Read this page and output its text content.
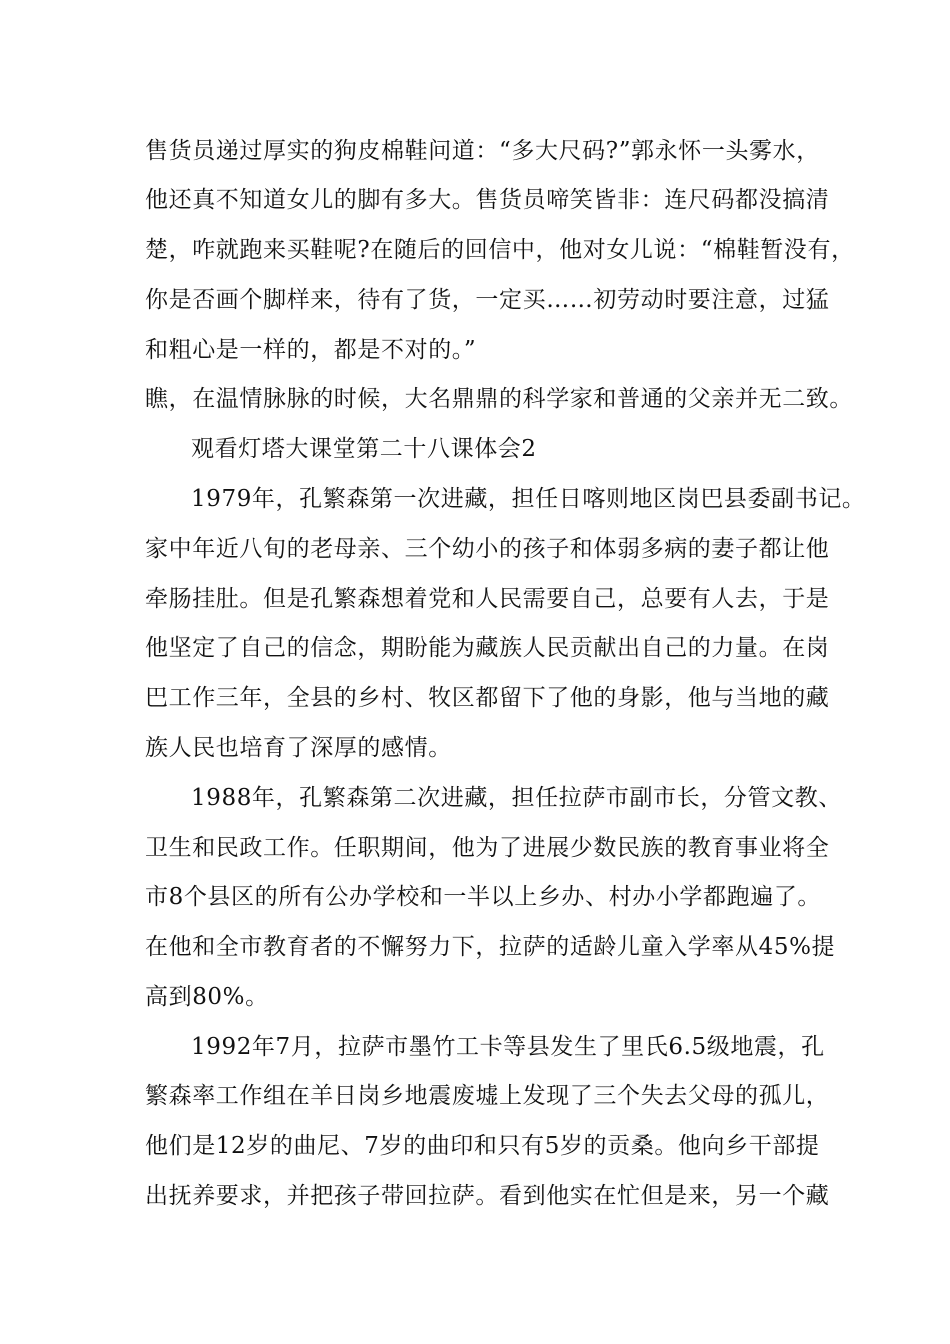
售货员递过厚实的狗皮棉鞋问道：“多大尺码?”郭永怀一头雾水，
他还真不知道女儿的脚有多大。售货员啼笑皆非：连尺码都没搞清
楚，咋就跑来买鞋呢?在随后的回信中，他对女儿说：“棉鞋暂没有，
你是否画个脚样来，待有了货，一定买……初劳动时要注意，过猛
和粗心是一样的，都是不对的。”
瞧，在温情脉脉的时候，大名鼎鼎的科学家和普通的父亲并无二致。
观看灯塔大课堂第二十八课体会2
1979年，孔繁森第一次进藏，担任日喀则地区岗巴县委副书记。
家中年近八旬的老母亲、三个幼小的孩子和体弱多病的妻子都让他
牵肠挂肚。但是孔繁森想着党和人民需要自己，总要有人去，于是
他坚定了自己的信念，期盼能为藏族人民贡献出自己的力量。在岗
巴工作三年，全县的乡村、牧区都留下了他的身影，他与当地的藏
族人民也培育了深厚的感情。
1988年，孔繁森第二次进藏，担任拉萨市副市长，分管文教、
卫生和民政工作。任职期间，他为了进展少数民族的教育事业将全
市8个县区的所有公办学校和一半以上乡办、村办小学都跑遍了。
在他和全市教育者的不懈努力下，拉萨的适龄儿童入学率从45%提
高到80%。
1992年7月，拉萨市墨竹工卡等县发生了里氏6.5级地震，孔
繁森率工作组在羊日岗乡地震废墟上发现了三个失去父母的孤儿，
他们是12岁的曲尼、7岁的曲印和只有5岁的贡桑。他向乡干部提
出抚养要求，并把孩子带回拉萨。看到他实在忙但是来，另一个藏
